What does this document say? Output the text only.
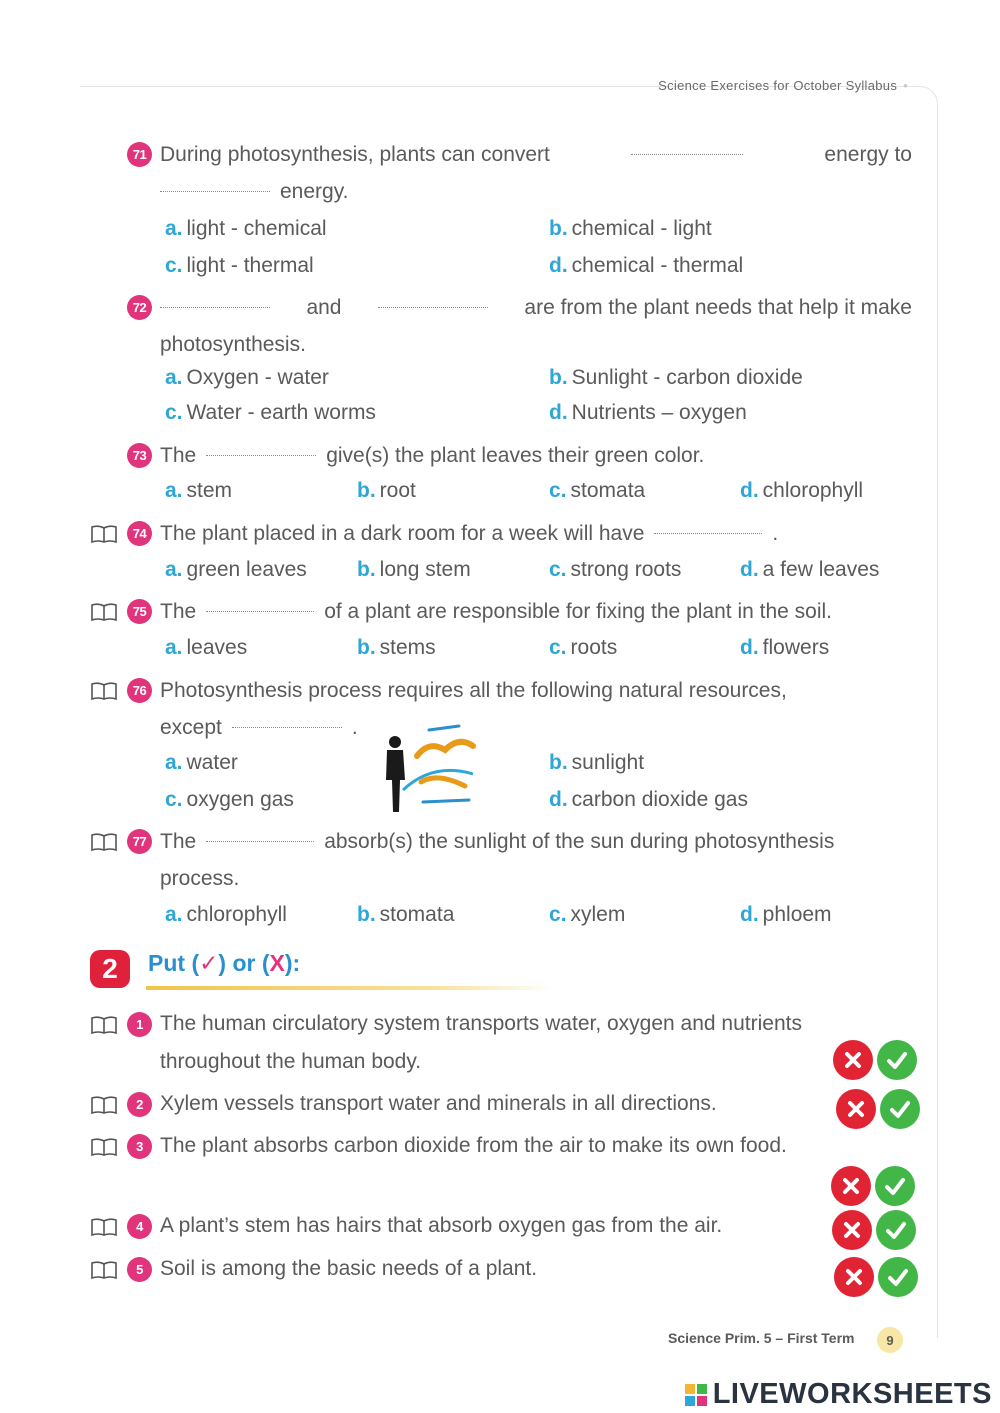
Science Exercises for October Syllabus •
71 During photosynthesis, plants can convert	energy to
energy.
a. light - chemical	b. chemical - light
c. light - thermal	d. chemical - thermal
72	and	are from the plant needs that help it make
photosynthesis.
a. Oxygen - water	b. Sunlight - carbon dioxide
c. Water - earth worms	d. Nutrients – oxygen
73 The	give(s) the plant leaves their green color.
a. stem	b. root	c. stomata	d. chlorophyll
74 The plant placed in a dark room for a week will have	.
a. green leaves b. long stem	c. strong roots	d. a few leaves
75 The	of a plant are responsible for fixing the plant in the soil.
a. leaves	b. stems	c. roots	d. flowers
76 Photosynthesis process requires all the following natural resources,
except	.
a. water	b. sunlight
c. oxygen gas	d. carbon dioxide gas
77 The	absorb(s) the sunlight of the sun during photosynthesis
process.
a. chlorophyll	b. stomata	c. xylem	d. phloem
2	Put (✓) or (X):
1 The human circulatory system transports water, oxygen and nutrients
throughout the human body.
2 Xylem vessels transport water and minerals in all directions.
3 The plant absorbs carbon dioxide from the air to make its own food.
4 A plant’s stem has hairs that absorb oxygen gas from the air.
5 Soil is among the basic needs of a plant.
Science Prim. 5 – First Term	9
LIVEWORKSHEETS
